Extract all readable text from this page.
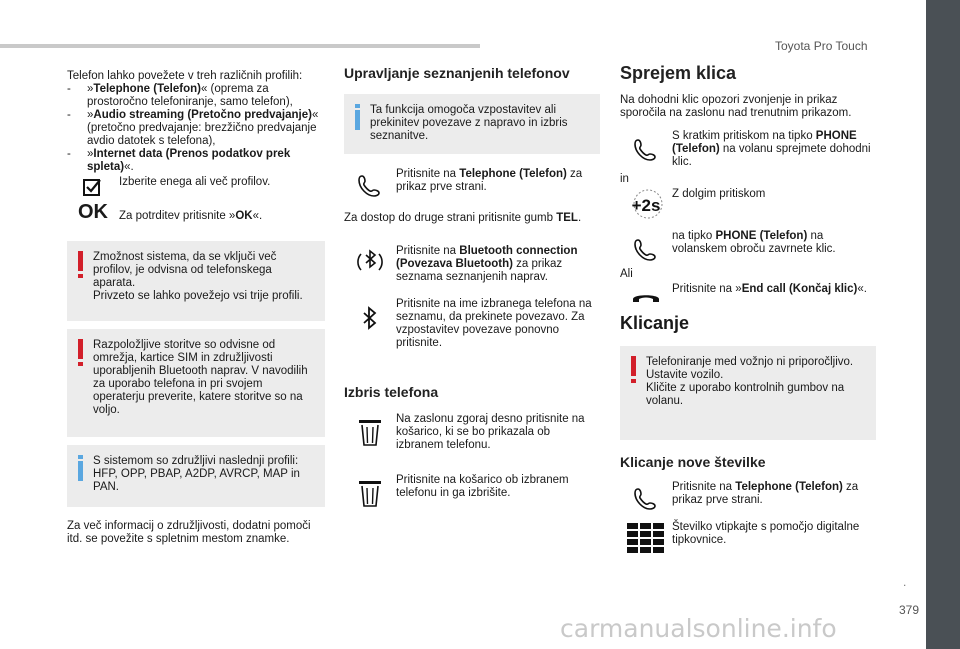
Toyota Pro Touch
.
379
carmanualsonline.info

Telefon lahko povežete v treh različnih profilih:

- »Telephone (Telefon)« (oprema za prostoročno telefoniranje, samo telefon),
- »Audio streaming (Pretočno predvajanje)« (pretočno predvajanje: brezžično predvajanje avdio datotek s telefona),
- »Internet data (Prenos podatkov prek spleta)«.

Izberite enega ali več profilov.

OK Za potrditev pritisnite »OK«.

Zmožnost sistema, da se vključi več profilov, je odvisna od telefonskega aparata.

Privzeto se lahko povežejo vsi trije profili.

Razpoložljive storitve so odvisne od omrežja, kartice SIM in združljivosti uporabljenih Bluetooth naprav. V navodilih za uporabo telefona in pri svojem operaterju preverite, katere storitve so na voljo.

S sistemom so združljivi naslednji profili: HFP, OPP, PBAP, A2DP, AVRCP, MAP in PAN.

Za več informacij o združljivosti, dodatni pomoči itd. se povežite s spletnim mestom znamke.

Upravljanje seznanjenih telefonov

Ta funkcija omogoča vzpostavitev ali prekinitev povezave z napravo in izbris seznanitve.

Pritisnite na Telephone (Telefon) za prikaz prve strani.

Za dostop do druge strani pritisnite gumb TEL.

Pritisnite na Bluetooth connection (Povezava Bluetooth) za prikaz seznama seznanjenih naprav.

Pritisnite na ime izbranega telefona na seznamu, da prekinete povezavo. Za vzpostavitev povezave ponovno pritisnite.

Izbris telefona

Na zaslonu zgoraj desno pritisnite na košarico, ki se bo prikazala ob izbranem telefonu.

Pritisnite na košarico ob izbranem telefonu in ga izbrišite.

Sprejem klica

Na dohodni klic opozori zvonjenje in prikaz sporočila na zaslonu nad trenutnim prikazom.

S kratkim pritiskom na tipko PHONE (Telefon) na volanu sprejmete dohodni klic.

in

+2s

Z dolgim pritiskom

na tipko PHONE (Telefon) na volanskem obroču zavrnete klic.

Ali

Pritisnite na »End call (Končaj klic)«.

Klicanje

Telefoniranje med vožnjo ni priporočljivo. Ustavite vozilo.

Kličite z uporabo kontrolnih gumbov na volanu.

Klicanje nove številke

Pritisnite na Telephone (Telefon) za prikaz prve strani.

Številko vtipkajte s pomočjo digitalne tipkovnice.
